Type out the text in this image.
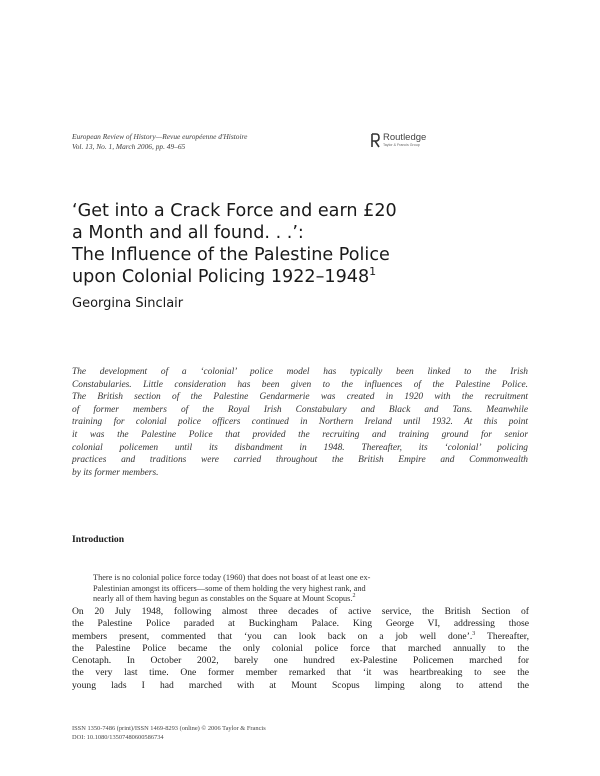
European Review of History—Revue européenne d'Histoire
Vol. 13, No. 1, March 2006, pp. 49–65
Routledge
Taylor & Francis Group
‘Get into a Crack Force and earn £20
a Month and all found. . .’:
The Influence of the Palestine Police
upon Colonial Policing 1922–1948$^1$
Georgina Sinclair
The development of a ‘colonial’ police model has typically been linked to the Irish
Constabularies. Little consideration has been given to the influences of the Palestine Police.
The British section of the Palestine Gendarmerie was created in 1920 with the recruitment
of former members of the Royal Irish Constabulary and Black and Tans. Meanwhile
training for colonial police officers continued in Northern Ireland until 1932. At this point
it was the Palestine Police that provided the recruiting and training ground for senior
colonial policemen until its disbandment in 1948. Thereafter, its ‘colonial’ policing
practices and traditions were carried throughout the British Empire and Commonwealth
by its former members.
Introduction
There is no colonial police force today (1960) that does not boast of at least one ex-
Palestinian amongst its officers—some of them holding the very highest rank, and
nearly all of them having begun as constables on the Square at Mount Scopus.$^2$
On 20 July 1948, following almost three decades of active service, the British Section of
the Palestine Police paraded at Buckingham Palace. King George VI, addressing those
members present, commented that ‘you can look back on a job well done’.$^3$ Thereafter,
the Palestine Police became the only colonial police force that marched annually to the
Cenotaph. In October 2002, barely one hundred ex-Palestine Policemen marched for
the very last time. One former member remarked that ‘it was heartbreaking to see the
young lads I had marched with at Mount Scopus limping along to attend the
ISSN 1350-7486 (print)/ISSN 1469-8293 (online) © 2006 Taylor & Francis
DOI: 10.1080/13507480600586734
